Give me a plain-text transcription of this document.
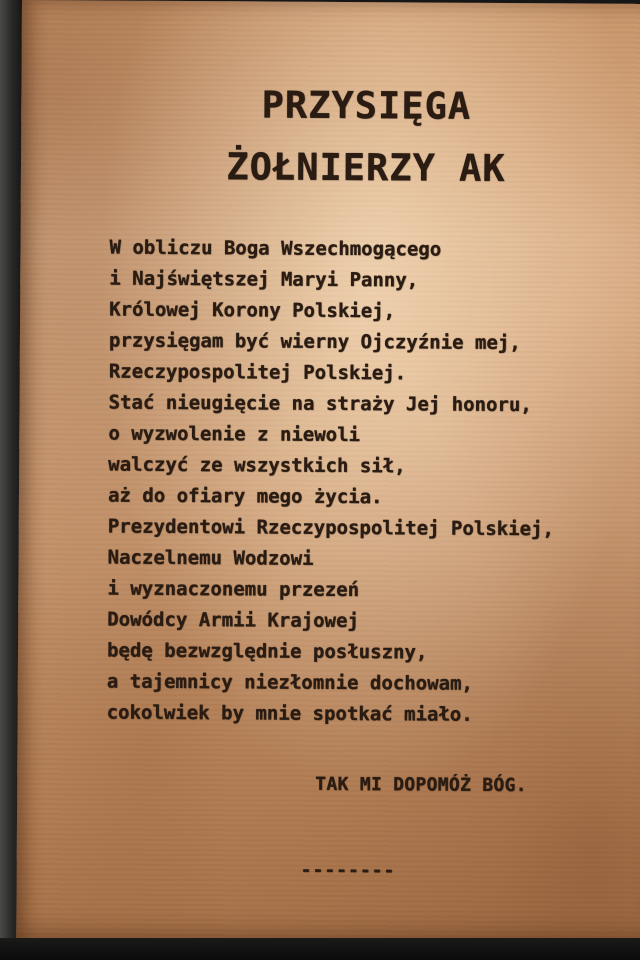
PRZYSIĘGA
ŻOŁNIERZY AK
W obliczu Boga Wszechmogącego
i Najświętszej Maryi Panny,
Królowej Korony Polskiej,
przysięgam być wierny Ojczyźnie mej,
Rzeczypospolitej Polskiej.
Stać nieugięcie na straży Jej honoru,
o wyzwolenie z niewoli
walczyć ze wszystkich sił,
aż do ofiary mego życia.
Prezydentowi Rzeczypospolitej Polskiej,
Naczelnemu Wodzowi
i wyznaczonemu przezeń
Dowódcy Armii Krajowej
będę bezwzględnie posłuszny,
a tajemnicy niezłomnie dochowam,
cokolwiek by mnie spotkać miało.
TAK MI DOPOMÓŻ BÓG.
--------
